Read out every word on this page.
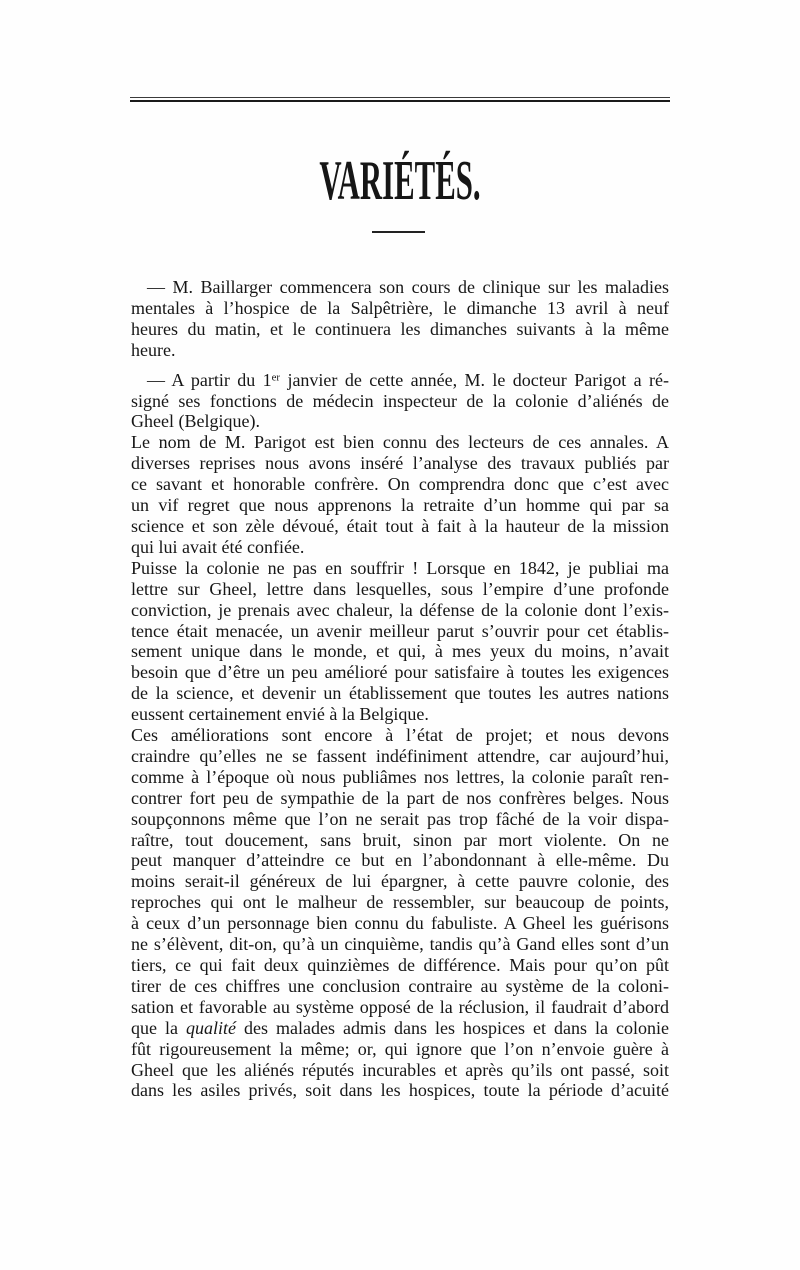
VARIÉTÉS.
— M. Baillarger commencera son cours de clinique sur les maladies
mentales à l’hospice de la Salpêtrière, le dimanche 13 avril à neuf
heures du matin, et le continuera les dimanches suivants à la même
heure.
— A partir du 1er janvier de cette année, M. le docteur Parigot a ré-
signé ses fonctions de médecin inspecteur de la colonie d’aliénés de
Gheel (Belgique).
Le nom de M. Parigot est bien connu des lecteurs de ces annales. A
diverses reprises nous avons inséré l’analyse des travaux publiés par
ce savant et honorable confrère. On comprendra donc que c’est avec
un vif regret que nous apprenons la retraite d’un homme qui par sa
science et son zèle dévoué, était tout à fait à la hauteur de la mission
qui lui avait été confiée.
Puisse la colonie ne pas en souffrir ! Lorsque en 1842, je publiai ma
lettre sur Gheel, lettre dans lesquelles, sous l’empire d’une profonde
conviction, je prenais avec chaleur, la défense de la colonie dont l’exis-
tence était menacée, un avenir meilleur parut s’ouvrir pour cet établis-
sement unique dans le monde, et qui, à mes yeux du moins, n’avait
besoin que d’être un peu amélioré pour satisfaire à toutes les exigences
de la science, et devenir un établissement que toutes les autres nations
eussent certainement envié à la Belgique.
Ces améliorations sont encore à l’état de projet; et nous devons
craindre qu’elles ne se fassent indéfiniment attendre, car aujourd’hui,
comme à l’époque où nous publiâmes nos lettres, la colonie paraît ren-
contrer fort peu de sympathie de la part de nos confrères belges. Nous
soupçonnons même que l’on ne serait pas trop fâché de la voir dispa-
raître, tout doucement, sans bruit, sinon par mort violente. On ne
peut manquer d’atteindre ce but en l’abondonnant à elle-même. Du
moins serait-il généreux de lui épargner, à cette pauvre colonie, des
reproches qui ont le malheur de ressembler, sur beaucoup de points,
à ceux d’un personnage bien connu du fabuliste. A Gheel les guérisons
ne s’élèvent, dit-on, qu’à un cinquième, tandis qu’à Gand elles sont d’un
tiers, ce qui fait deux quinzièmes de différence. Mais pour qu’on pût
tirer de ces chiffres une conclusion contraire au système de la coloni-
sation et favorable au système opposé de la réclusion, il faudrait d’abord
que la qualité des malades admis dans les hospices et dans la colonie
fût rigoureusement la même; or, qui ignore que l’on n’envoie guère à
Gheel que les aliénés réputés incurables et après qu’ils ont passé, soit
dans les asiles privés, soit dans les hospices, toute la période d’acuité
